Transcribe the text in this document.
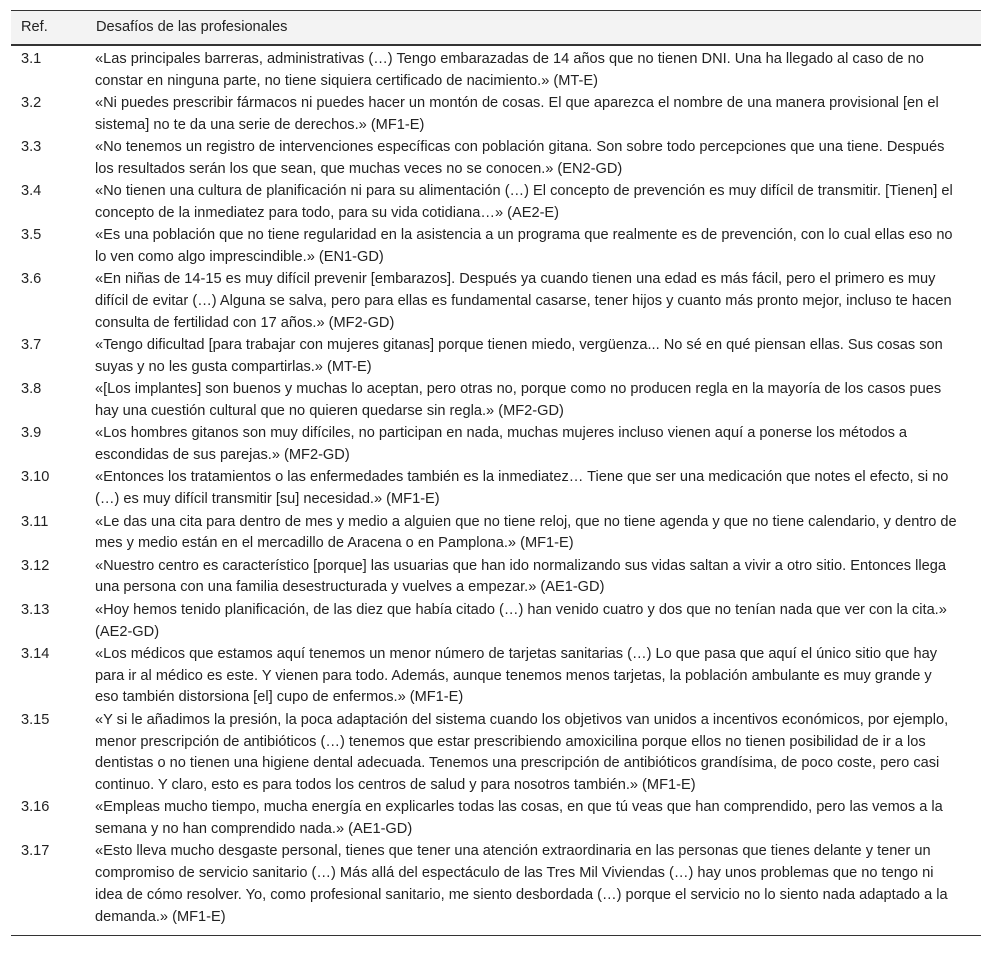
Ref.	Desafíos de las profesionales
3.1	«Las principales barreras, administrativas (…) Tengo embarazadas de 14 años que no tienen DNI. Una ha llegado al caso de no constar en ninguna parte, no tiene siquiera certificado de nacimiento.» (MT-E)
3.2	«Ni puedes prescribir fármacos ni puedes hacer un montón de cosas. El que aparezca el nombre de una manera provisional [en el sistema] no te da una serie de derechos.» (MF1-E)
3.3	«No tenemos un registro de intervenciones específicas con población gitana. Son sobre todo percepciones que una tiene. Después los resultados serán los que sean, que muchas veces no se conocen.» (EN2-GD)
3.4	«No tienen una cultura de planificación ni para su alimentación (…) El concepto de prevención es muy difícil de transmitir. [Tienen] el concepto de la inmediatez para todo, para su vida cotidiana…» (AE2-E)
3.5	«Es una población que no tiene regularidad en la asistencia a un programa que realmente es de prevención, con lo cual ellas eso no lo ven como algo imprescindible.» (EN1-GD)
3.6	«En niñas de 14-15 es muy difícil prevenir [embarazos]. Después ya cuando tienen una edad es más fácil, pero el primero es muy difícil de evitar (…) Alguna se salva, pero para ellas es fundamental casarse, tener hijos y cuanto más pronto mejor, incluso te hacen consulta de fertilidad con 17 años.» (MF2-GD)
3.7	«Tengo dificultad [para trabajar con mujeres gitanas] porque tienen miedo, vergüenza... No sé en qué piensan ellas. Sus cosas son suyas y no les gusta compartirlas.» (MT-E)
3.8	«[Los implantes] son buenos y muchas lo aceptan, pero otras no, porque como no producen regla en la mayoría de los casos pues hay una cuestión cultural que no quieren quedarse sin regla.» (MF2-GD)
3.9	«Los hombres gitanos son muy difíciles, no participan en nada, muchas mujeres incluso vienen aquí a ponerse los métodos a escondidas de sus parejas.» (MF2-GD)
3.10	«Entonces los tratamientos o las enfermedades también es la inmediatez… Tiene que ser una medicación que notes el efecto, si no (…) es muy difícil transmitir [su] necesidad.» (MF1-E)
3.11	«Le das una cita para dentro de mes y medio a alguien que no tiene reloj, que no tiene agenda y que no tiene calendario, y dentro de mes y medio están en el mercadillo de Aracena o en Pamplona.» (MF1-E)
3.12	«Nuestro centro es característico [porque] las usuarias que han ido normalizando sus vidas saltan a vivir a otro sitio. Entonces llega una persona con una familia desestructurada y vuelves a empezar.» (AE1-GD)
3.13	«Hoy hemos tenido planificación, de las diez que había citado (…) han venido cuatro y dos que no tenían nada que ver con la cita.» (AE2-GD)
3.14	«Los médicos que estamos aquí tenemos un menor número de tarjetas sanitarias (…) Lo que pasa que aquí el único sitio que hay para ir al médico es este. Y vienen para todo. Además, aunque tenemos menos tarjetas, la población ambulante es muy grande y eso también distorsiona [el] cupo de enfermos.» (MF1-E)
3.15	«Y si le añadimos la presión, la poca adaptación del sistema cuando los objetivos van unidos a incentivos económicos, por ejemplo, menor prescripción de antibióticos (…) tenemos que estar prescribiendo amoxicilina porque ellos no tienen posibilidad de ir a los dentistas o no tienen una higiene dental adecuada. Tenemos una prescripción de antibióticos grandísima, de poco coste, pero casi continuo. Y claro, esto es para todos los centros de salud y para nosotros también.» (MF1-E)
3.16	«Empleas mucho tiempo, mucha energía en explicarles todas las cosas, en que tú veas que han comprendido, pero las vemos a la semana y no han comprendido nada.» (AE1-GD)
3.17	«Esto lleva mucho desgaste personal, tienes que tener una atención extraordinaria en las personas que tienes delante y tener un compromiso de servicio sanitario (…) Más allá del espectáculo de las Tres Mil Viviendas (…) hay unos problemas que no tengo ni idea de cómo resolver. Yo, como profesional sanitario, me siento desbordada (…) porque el servicio no lo siento nada adaptado a la demanda.» (MF1-E)
